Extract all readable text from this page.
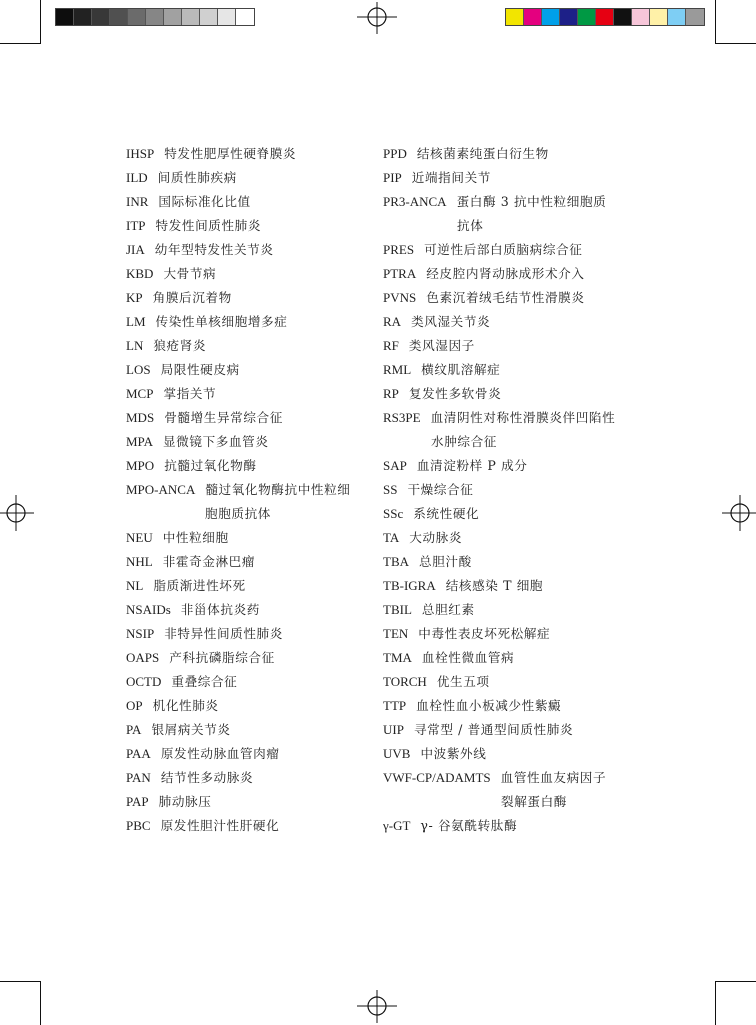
IHSP 特发性肥厚性硬脊膜炎
ILD 间质性肺疾病
INR 国际标准化比值
ITP 特发性间质性肺炎
JIA 幼年型特发性关节炎
KBD 大骨节病
KP 角膜后沉着物
LM 传染性单核细胞增多症
LN 狼疮肾炎
LOS 局限性硬皮病
MCP 掌指关节
MDS 骨髓增生异常综合征
MPA 显微镜下多血管炎
MPO 抗髓过氧化物酶
MPO-ANCA 髓过氧化物酶抗中性粒细
胞胞质抗体
NEU 中性粒细胞
NHL 非霍奇金淋巴瘤
NL 脂质渐进性坏死
NSAIDs 非甾体抗炎药
NSIP 非特异性间质性肺炎
OAPS 产科抗磷脂综合征
OCTD 重叠综合征
OP 机化性肺炎
PA 银屑病关节炎
PAA 原发性动脉血管肉瘤
PAN 结节性多动脉炎
PAP 肺动脉压
PBC 原发性胆汁性肝硬化
PPD 结核菌素纯蛋白衍生物
PIP 近端指间关节
PR3-ANCA 蛋白酶 3 抗中性粒细胞质
抗体
PRES 可逆性后部白质脑病综合征
PTRA 经皮腔内肾动脉成形术介入
PVNS 色素沉着绒毛结节性滑膜炎
RA 类风湿关节炎
RF 类风湿因子
RML 横纹肌溶解症
RP 复发性多软骨炎
RS3PE 血清阴性对称性滑膜炎伴凹陷性
水肿综合征
SAP 血清淀粉样 P 成分
SS 干燥综合征
SSc 系统性硬化
TA 大动脉炎
TBA 总胆汁酸
TB-IGRA 结核感染 T 细胞
TBIL 总胆红素
TEN 中毒性表皮坏死松解症
TMA 血栓性微血管病
TORCH 优生五项
TTP 血栓性血小板减少性紫癜
UIP 寻常型 / 普通型间质性肺炎
UVB 中波紫外线
VWF-CP/ADAMTS 血管性血友病因子
裂解蛋白酶
γ-GT γ- 谷氨酰转肽酶
